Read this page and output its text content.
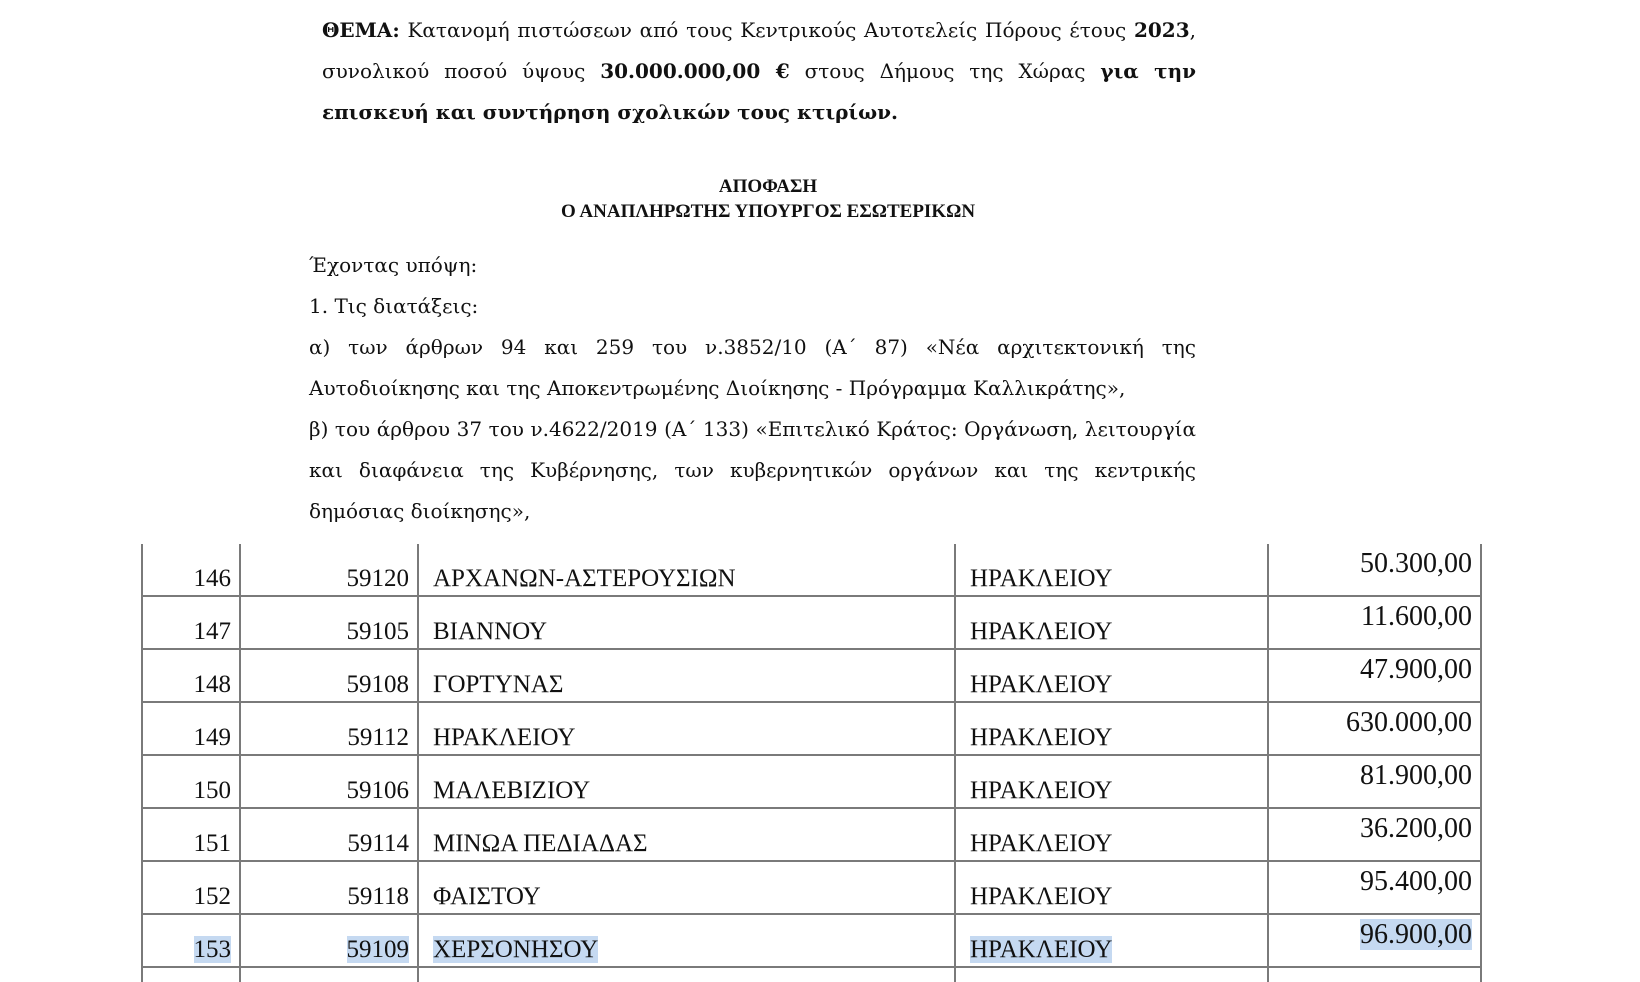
ΘΕΜΑ: Κατανομή πιστώσεων από τους Κεντρικούς Αυτοτελείς Πόρους έτους 2023, συνολικού ποσού ύψους 30.000.000,00 € στους Δήμους της Χώρας για την επισκευή και συντήρηση σχολικών τους κτιρίων.
ΑΠΟΦΑΣΗ
Ο ΑΝΑΠΛΗΡΩΤΗΣ ΥΠΟΥΡΓΟΣ ΕΣΩΤΕΡΙΚΩΝ
Έχοντας υπόψη:
1. Τις διατάξεις:
α) των άρθρων 94 και 259 του ν.3852/10 (Α΄ 87) «Νέα αρχιτεκτονική της Αυτοδιοίκησης και της Αποκεντρωμένης Διοίκησης - Πρόγραμμα Καλλικράτης»,
β) του άρθρου 37 του ν.4622/2019 (Α΄ 133) «Επιτελικό Κράτος: Οργάνωση, λειτουργία και διαφάνεια της Κυβέρνησης, των κυβερνητικών οργάνων και της κεντρικής δημόσιας διοίκησης»,
146	59120	ΑΡΧΑΝΩΝ-ΑΣΤΕΡΟΥΣΙΩΝ	ΗΡΑΚΛΕΙΟΥ	50.300,00
147	59105	ΒΙΑΝΝΟΥ	ΗΡΑΚΛΕΙΟΥ	11.600,00
148	59108	ΓΟΡΤΥΝΑΣ	ΗΡΑΚΛΕΙΟΥ	47.900,00
149	59112	ΗΡΑΚΛΕΙΟΥ	ΗΡΑΚΛΕΙΟΥ	630.000,00
150	59106	ΜΑΛΕΒΙΖΙΟΥ	ΗΡΑΚΛΕΙΟΥ	81.900,00
151	59114	ΜΙΝΩΑ ΠΕΔΙΑΔΑΣ	ΗΡΑΚΛΕΙΟΥ	36.200,00
152	59118	ΦΑΙΣΤΟΥ	ΗΡΑΚΛΕΙΟΥ	95.400,00
153	59109	ΧΕΡΣΟΝΗΣΟΥ	ΗΡΑΚΛΕΙΟΥ	96.900,00
